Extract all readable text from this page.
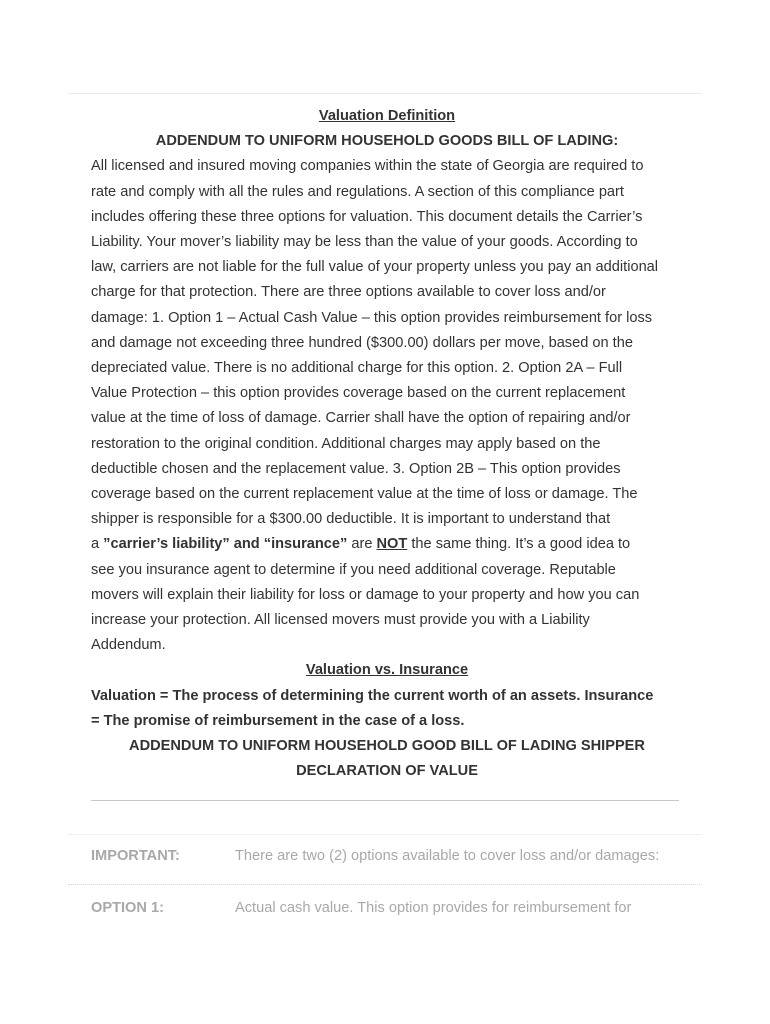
Valuation Definition
ADDENDUM TO UNIFORM HOUSEHOLD GOODS BILL OF LADING:
All licensed and insured moving companies within the state of Georgia are required to
rate and comply with all the rules and regulations. A section of this compliance part
includes offering these three options for valuation. This document details the Carrier’s
Liability. Your mover’s liability may be less than the value of your goods. According to
law, carriers are not liable for the full value of your property unless you pay an additional
charge for that protection. There are three options available to cover loss and/or
damage: 1. Option 1 – Actual Cash Value – this option provides reimbursement for loss
and damage not exceeding three hundred ($300.00) dollars per move, based on the
depreciated value. There is no additional charge for this option. 2. Option 2A – Full
Value Protection – this option provides coverage based on the current replacement
value at the time of loss of damage. Carrier shall have the option of repairing and/or
restoration to the original condition. Additional charges may apply based on the
deductible chosen and the replacement value. 3. Option 2B – This option provides
coverage based on the current replacement value at the time of loss or damage. The
shipper is responsible for a $300.00 deductible. It is important to understand that
a ”carrier’s liability” and “insurance” are NOT the same thing. It’s a good idea to
see you insurance agent to determine if you need additional coverage. Reputable
movers will explain their liability for loss or damage to your property and how you can
increase your protection. All licensed movers must provide you with a Liability
Addendum.
Valuation vs. Insurance
Valuation = The process of determining the current worth of an assets. Insurance
= The promise of reimbursement in the case of a loss.
ADDENDUM TO UNIFORM HOUSEHOLD GOOD BILL OF LADING SHIPPER
DECLARATION OF VALUE
IMPORTANT:	There are two (2) options available to cover loss and/or damages:
OPTION 1:	Actual cash value. This option provides for reimbursement for
